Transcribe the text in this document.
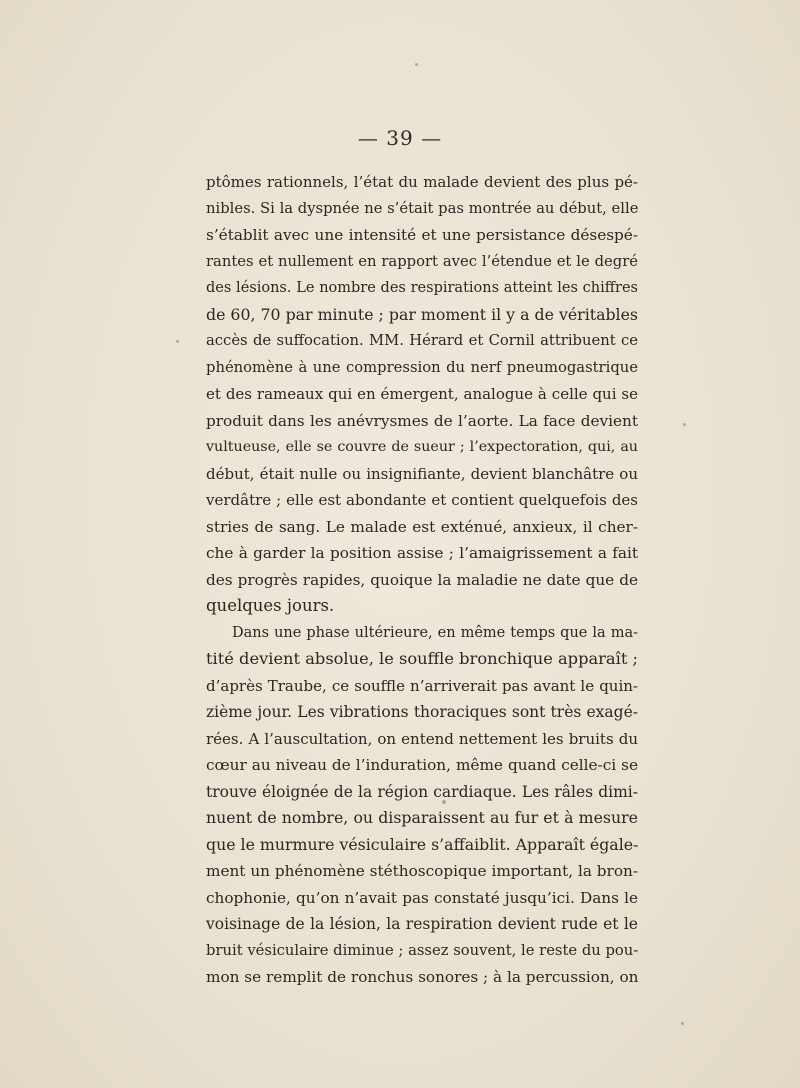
— 39 —
ptômes rationnels, l’état du malade devient des plus pé-
nibles. Si la dyspnée ne s’était pas montrée au début, elle
s’établit avec une intensité et une persistance désespé-
rantes et nullement en rapport avec l’étendue et le degré
des lésions. Le nombre des respirations atteint les chiffres
de 60, 70 par minute ; par moment il y a de véritables
accès de suffocation. MM. Hérard et Cornil attribuent ce
phénomène à une compression du nerf pneumogastrique
et des rameaux qui en émergent, analogue à celle qui se
produit dans les anévrysmes de l’aorte. La face devient
vultueuse, elle se couvre de sueur ; l’expectoration, qui, au
début, était nulle ou insignifiante, devient blanchâtre ou
verdâtre ; elle est abondante et contient quelquefois des
stries de sang. Le malade est exténué, anxieux, il cher-
che à garder la position assise ; l’amaigrissement a fait
des progrès rapides, quoique la maladie ne date que de
quelques jours.
Dans une phase ultérieure, en même temps que la ma-
tité devient absolue, le souffle bronchique apparaît ;
d’après Traube, ce souffle n’arriverait pas avant le quin-
zième jour. Les vibrations thoraciques sont très exagé-
rées. A l’auscultation, on entend nettement les bruits du
cœur au niveau de l’induration, même quand celle-ci se
trouve éloignée de la région cardiaque. Les râles dimi-
nuent de nombre, ou disparaissent au fur et à mesure
que le murmure vésiculaire s’affaiblit. Apparaît égale-
ment un phénomène stéthoscopique important, la bron-
chophonie, qu’on n’avait pas constaté jusqu’ici. Dans le
voisinage de la lésion, la respiration devient rude et le
bruit vésiculaire diminue ; assez souvent, le reste du pou-
mon se remplit de ronchus sonores ; à la percussion, on
